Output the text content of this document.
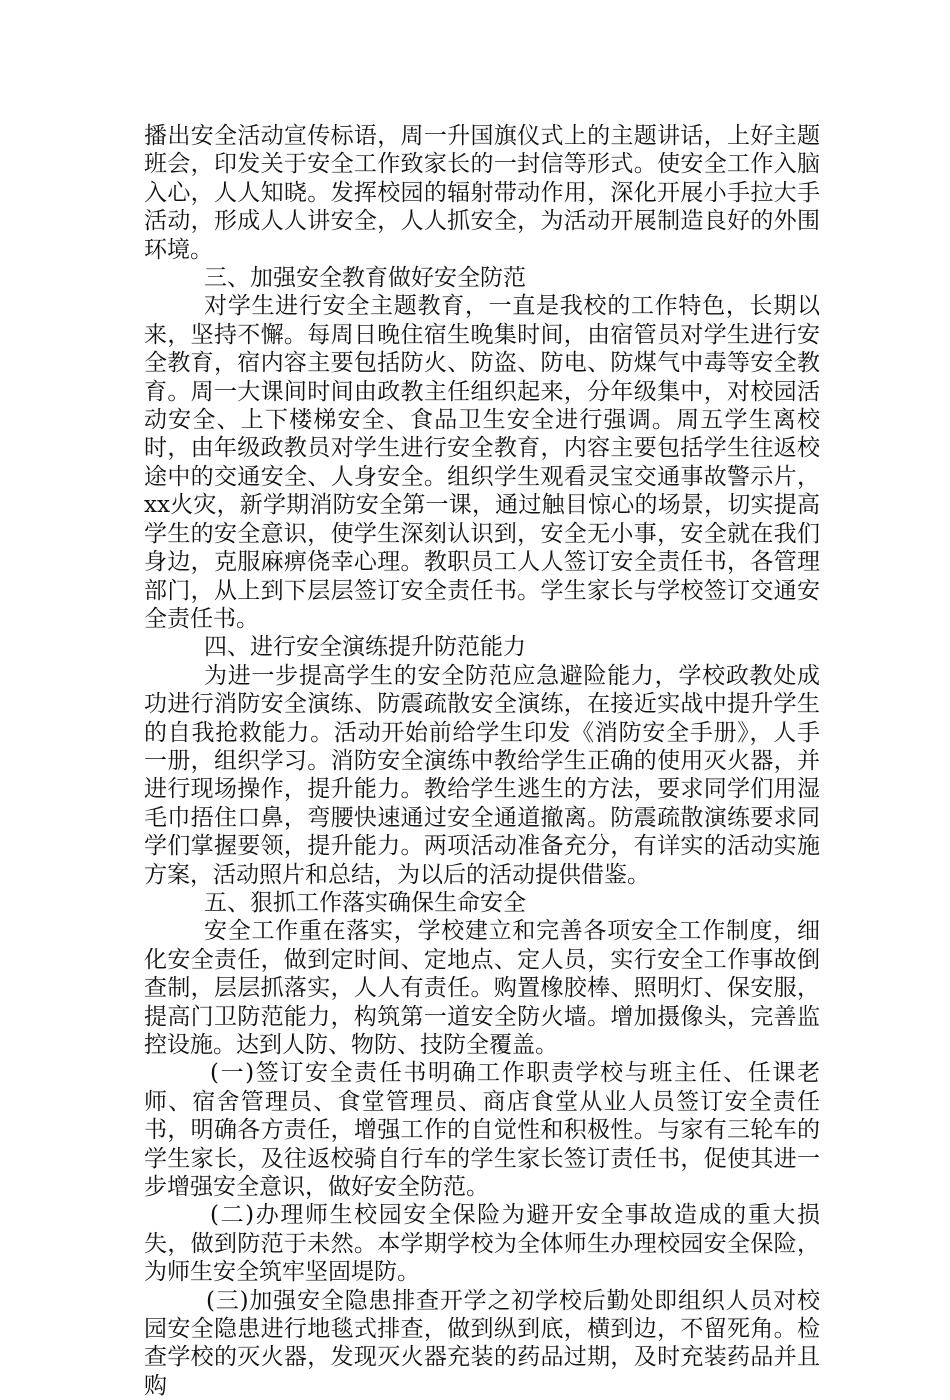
播出安全活动宣传标语，周一升国旗仪式上的主题讲话，上好主题班会，印发关于安全工作致家长的一封信等形式。使安全工作入脑入心，人人知晓。发挥校园的辐射带动作用，深化开展小手拉大手活动，形成人人讲安全，人人抓安全，为活动开展制造良好的外围环境。

三、加强安全教育做好安全防范

对学生进行安全主题教育，一直是我校的工作特色，长期以来，坚持不懈。每周日晚住宿生晚集时间，由宿管员对学生进行安全教育，宿内容主要包括防火、防盗、防电、防煤气中毒等安全教育。周一大课间时间由政教主任组织起来，分年级集中，对校园活动安全、上下楼梯安全、食品卫生安全进行强调。周五学生离校时，由年级政教员对学生进行安全教育，内容主要包括学生往返校途中的交通安全、人身安全。组织学生观看灵宝交通事故警示片，xx火灾，新学期消防安全第一课，通过触目惊心的场景，切实提高学生的安全意识，使学生深刻认识到，安全无小事，安全就在我们身边，克服麻痹侥幸心理。教职员工人人签订安全责任书，各管理部门，从上到下层层签订安全责任书。学生家长与学校签订交通安全责任书。

四、进行安全演练提升防范能力

为进一步提高学生的安全防范应急避险能力，学校政教处成功进行消防安全演练、防震疏散安全演练，在接近实战中提升学生的自我抢救能力。活动开始前给学生印发《消防安全手册》，人手一册，组织学习。消防安全演练中教给学生正确的使用灭火器，并进行现场操作，提升能力。教给学生逃生的方法，要求同学们用湿毛巾捂住口鼻，弯腰快速通过安全通道撤离。防震疏散演练要求同学们掌握要领，提升能力。两项活动准备充分，有详实的活动实施方案，活动照片和总结，为以后的活动提供借鉴。

五、狠抓工作落实确保生命安全

安全工作重在落实，学校建立和完善各项安全工作制度，细化安全责任，做到定时间、定地点、定人员，实行安全工作事故倒查制，层层抓落实，人人有责任。购置橡胶棒、照明灯、保安服，提高门卫防范能力，构筑第一道安全防火墙。增加摄像头，完善监控设施。达到人防、物防、技防全覆盖。

(一)签订安全责任书明确工作职责学校与班主任、任课老师、宿舍管理员、食堂管理员、商店食堂从业人员签订安全责任书，明确各方责任，增强工作的自觉性和积极性。与家有三轮车的学生家长，及往返校骑自行车的学生家长签订责任书，促使其进一步增强安全意识，做好安全防范。

(二)办理师生校园安全保险为避开安全事故造成的重大损失，做到防范于未然。本学期学校为全体师生办理校园安全保险，为师生安全筑牢坚固堤防。

(三)加强安全隐患排查开学之初学校后勤处即组织人员对校园安全隐患进行地毯式排查，做到纵到底，横到边，不留死角。检查学校的灭火器，发现灭火器充装的药品过期，及时充装药品并且购
